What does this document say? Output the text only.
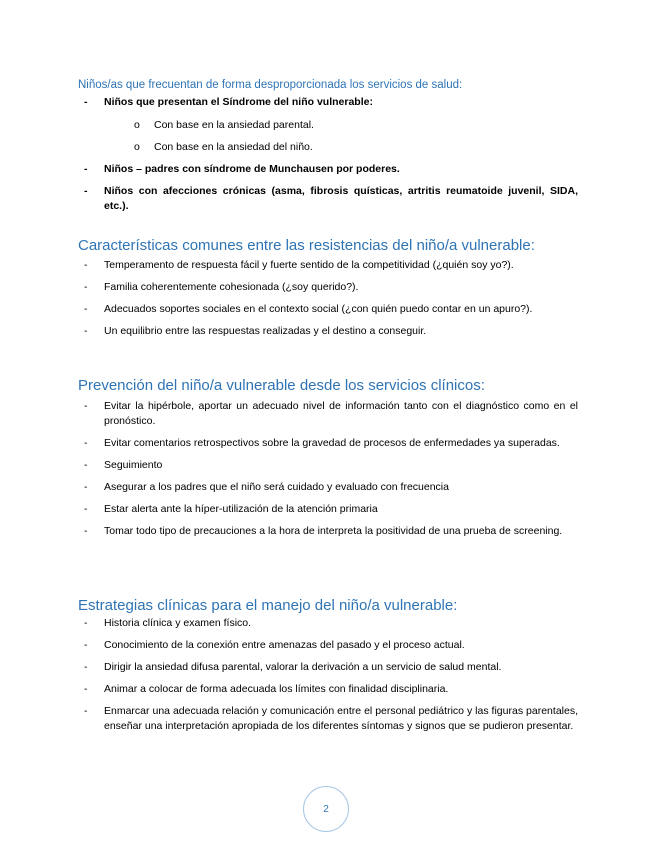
Niños/as que frecuentan de forma desproporcionada los servicios de salud:
- Niños que presentan el Síndrome del niño vulnerable:
o Con base en la ansiedad parental.
o Con base en la ansiedad del niño.
- Niños – padres con síndrome de Munchausen por poderes.
- Niños con afecciones crónicas (asma, fibrosis quísticas, artritis reumatoide juvenil, SIDA, etc.).
Características comunes entre las resistencias del niño/a vulnerable:
- Temperamento de respuesta fácil y fuerte sentido de la competitividad (¿quién soy yo?).
- Familia coherentemente cohesionada (¿soy querido?).
- Adecuados soportes sociales en el contexto social (¿con quién puedo contar en un apuro?).
- Un equilibrio entre las respuestas realizadas y el destino a conseguir.
Prevención del niño/a vulnerable desde los servicios clínicos:
- Evitar la hipérbole, aportar un adecuado nivel de información tanto con el diagnóstico como en el pronóstico.
- Evitar comentarios retrospectivos sobre la gravedad de procesos de enfermedades ya superadas.
- Seguimiento
- Asegurar a los padres que el niño será cuidado y evaluado con frecuencia
- Estar alerta ante la híper-utilización de la atención primaria
- Tomar todo tipo de precauciones a la hora de interpreta la positividad de una prueba de screening.
Estrategias clínicas para el manejo del niño/a vulnerable:
- Historia clínica y examen físico.
- Conocimiento de la conexión entre amenazas del pasado y el proceso actual.
- Dirigir la ansiedad difusa parental, valorar la derivación a un servicio de salud mental.
- Animar a colocar de forma adecuada los límites con finalidad disciplinaria.
- Enmarcar una adecuada relación y comunicación entre el personal pediátrico y las figuras parentales, enseñar una interpretación apropiada de los diferentes síntomas y signos que se pudieron presentar.
2
